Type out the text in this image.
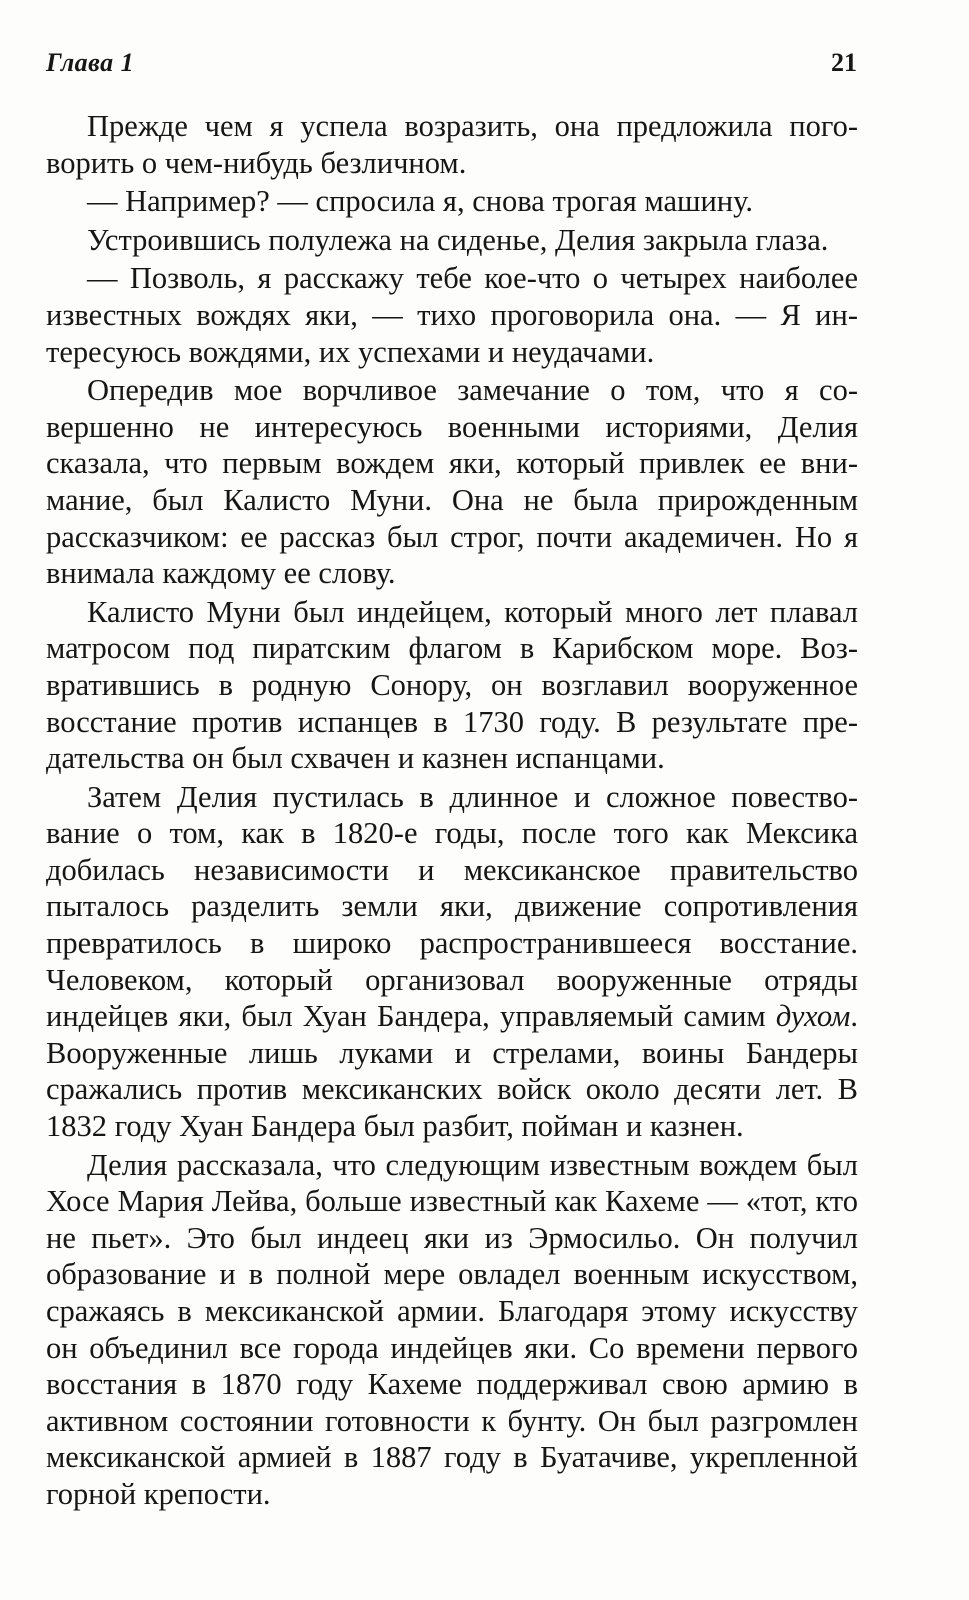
Глава 1	21

Прежде чем я успела возразить, она предложила поговорить о чем-нибудь безличном.

— Например? — спросила я, снова трогая машину.

Устроившись полулежа на сиденье, Делия закрыла глаза.

— Позволь, я расскажу тебе кое-что о четырех наиболее известных вождях яки, — тихо проговорила она. — Я интересуюсь вождями, их успехами и неудачами.

Опередив мое ворчливое замечание о том, что я совершенно не интересуюсь военными историями, Делия сказала, что первым вождем яки, который привлек ее внимание, был Калисто Муни. Она не была прирожденным рассказчиком: ее рассказ был строг, почти академичен. Но я внимала каждому ее слову.

Калисто Муни был индейцем, который много лет плавал матросом под пиратским флагом в Карибском море. Возвратившись в родную Сонору, он возглавил вооруженное восстание против испанцев в 1730 году. В результате предательства он был схвачен и казнен испанцами.

Затем Делия пустилась в длинное и сложное повествование о том, как в 1820-е годы, после того как Мексика добилась независимости и мексиканское правительство пыталось разделить земли яки, движение сопротивления превратилось в широко распространившееся восстание. Человеком, который организовал вооруженные отряды индейцев яки, был Хуан Бандера, управляемый самим духом. Вооруженные лишь луками и стрелами, воины Бандеры сражались против мексиканских войск около десяти лет. В 1832 году Хуан Бандера был разбит, пойман и казнен.

Делия рассказала, что следующим известным вождем был Хосе Мария Лейва, больше известный как Кахеме — «тот, кто не пьет». Это был индеец яки из Эрмосильо. Он получил образование и в полной мере овладел военным искусством, сражаясь в мексиканской армии. Благодаря этому искусству он объединил все города индейцев яки. Со времени первого восстания в 1870 году Кахеме поддерживал свою армию в активном состоянии готовности к бунту. Он был разгромлен мексиканской армией в 1887 году в Буатачиве, укрепленной горной крепости.
